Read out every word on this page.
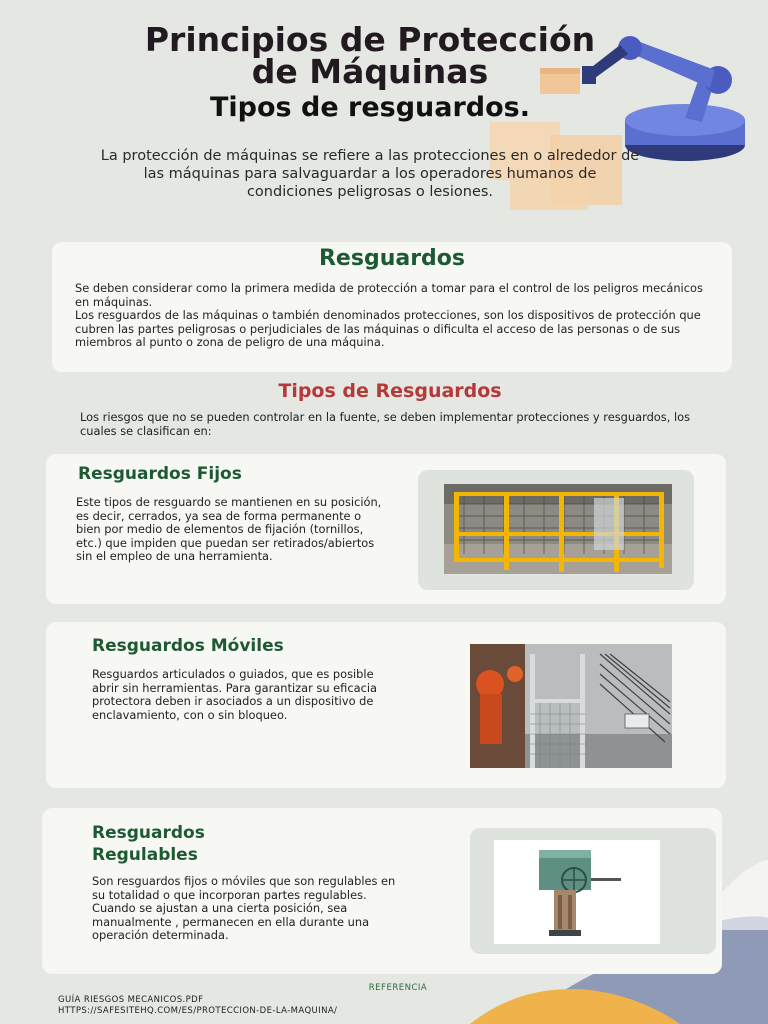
Principios de Protección
de Máquinas
Tipos de resguardos.

La protección de máquinas se refiere a las protecciones en o alrededor de las máquinas para salvaguardar a los operadores humanos de condiciones peligrosas o lesiones.

Resguardos

Se deben considerar como la primera medida de protección a tomar para el control de los peligros mecánicos en máquinas.

Los resguardos de las máquinas o también denominados protecciones, son los dispositivos de protección que cubren las partes peligrosas o perjudiciales de las máquinas o dificulta el acceso de las personas o de sus miembros al punto o zona de peligro de una máquina.

Tipos de Resguardos

Los riesgos que no se pueden controlar en la fuente, se deben implementar protecciones y resguardos, los cuales se clasifican en:

Resguardos Fijos

Este tipos de resguardo se mantienen en su posición, es decir, cerrados, ya sea de forma permanente o bien por medio de elementos de fijación (tornillos, etc.) que impiden que puedan ser retirados/abiertos sin el empleo de una herramienta.

Resguardos Móviles

Resguardos articulados o guiados, que es posible abrir sin herramientas. Para garantizar su eficacia protectora deben ir asociados a un dispositivo de enclavamiento, con o sin bloqueo.

Resguardos
Regulables

Son resguardos fijos o móviles que son regulables en su totalidad o que incorporan partes regulables. Cuando se ajustan a una cierta posición, sea manualmente , permanecen en ella durante una operación determinada.

REFERENCIA
GUÍA RIESGOS MECANICOS.PDF
HTTPS://SAFESITEHQ.COM/ES/PROTECCION-DE-LA-MAQUINA/
